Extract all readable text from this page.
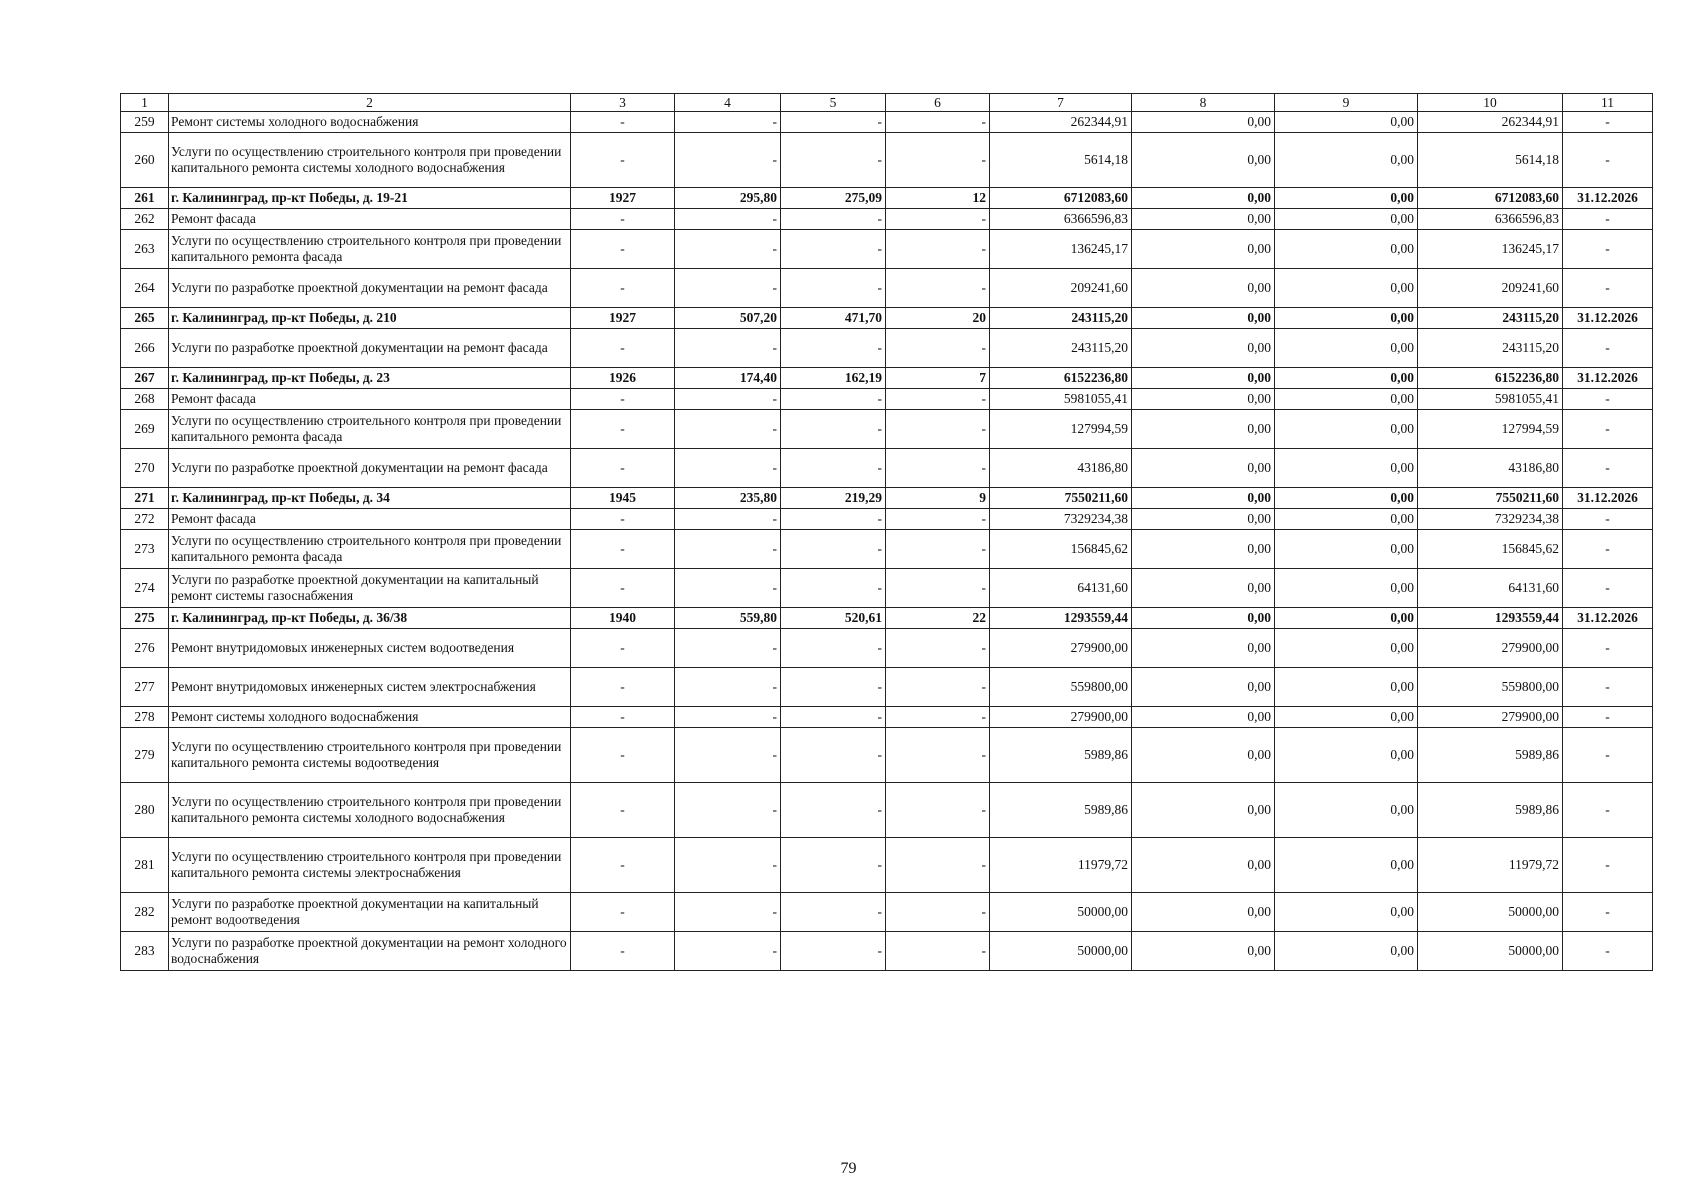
1	2	3	4	5	6	7	8	9	10	11
259	Ремонт системы холодного водоснабжения	-	-	-	-	262344,91	0,00	0,00	262344,91	-
260	Услуги по осуществлению строительного контроля при проведении капитального ремонта системы холодного водоснабжения	-	-	-	-	5614,18	0,00	0,00	5614,18	-
261	г. Калининград, пр-кт Победы, д. 19-21	1927	295,80	275,09	12	6712083,60	0,00	0,00	6712083,60	31.12.2026
262	Ремонт фасада	-	-	-	-	6366596,83	0,00	0,00	6366596,83	-
263	Услуги по осуществлению строительного контроля при проведении капитального ремонта фасада	-	-	-	-	136245,17	0,00	0,00	136245,17	-
264	Услуги по разработке проектной документации на ремонт фасада	-	-	-	-	209241,60	0,00	0,00	209241,60	-
265	г. Калининград, пр-кт Победы, д. 210	1927	507,20	471,70	20	243115,20	0,00	0,00	243115,20	31.12.2026
266	Услуги по разработке проектной документации на ремонт фасада	-	-	-	-	243115,20	0,00	0,00	243115,20	-
267	г. Калининград, пр-кт Победы, д. 23	1926	174,40	162,19	7	6152236,80	0,00	0,00	6152236,80	31.12.2026
268	Ремонт фасада	-	-	-	-	5981055,41	0,00	0,00	5981055,41	-
269	Услуги по осуществлению строительного контроля при проведении капитального ремонта фасада	-	-	-	-	127994,59	0,00	0,00	127994,59	-
270	Услуги по разработке проектной документации на ремонт фасада	-	-	-	-	43186,80	0,00	0,00	43186,80	-
271	г. Калининград, пр-кт Победы, д. 34	1945	235,80	219,29	9	7550211,60	0,00	0,00	7550211,60	31.12.2026
272	Ремонт фасада	-	-	-	-	7329234,38	0,00	0,00	7329234,38	-
273	Услуги по осуществлению строительного контроля при проведении капитального ремонта фасада	-	-	-	-	156845,62	0,00	0,00	156845,62	-
274	Услуги по разработке проектной документации на капитальный ремонт системы газоснабжения	-	-	-	-	64131,60	0,00	0,00	64131,60	-
275	г. Калининград, пр-кт Победы, д. 36/38	1940	559,80	520,61	22	1293559,44	0,00	0,00	1293559,44	31.12.2026
276	Ремонт внутридомовых инженерных систем водоотведения	-	-	-	-	279900,00	0,00	0,00	279900,00	-
277	Ремонт внутридомовых инженерных систем электроснабжения	-	-	-	-	559800,00	0,00	0,00	559800,00	-
278	Ремонт системы холодного водоснабжения	-	-	-	-	279900,00	0,00	0,00	279900,00	-
279	Услуги по осуществлению строительного контроля при проведении капитального ремонта системы водоотведения	-	-	-	-	5989,86	0,00	0,00	5989,86	-
280	Услуги по осуществлению строительного контроля при проведении капитального ремонта системы холодного водоснабжения	-	-	-	-	5989,86	0,00	0,00	5989,86	-
281	Услуги по осуществлению строительного контроля при проведении капитального ремонта системы электроснабжения	-	-	-	-	11979,72	0,00	0,00	11979,72	-
282	Услуги по разработке проектной документации на капитальный ремонт водоотведения	-	-	-	-	50000,00	0,00	0,00	50000,00	-
283	Услуги по разработке проектной документации на ремонт холодного водоснабжения	-	-	-	-	50000,00	0,00	0,00	50000,00	-
79
